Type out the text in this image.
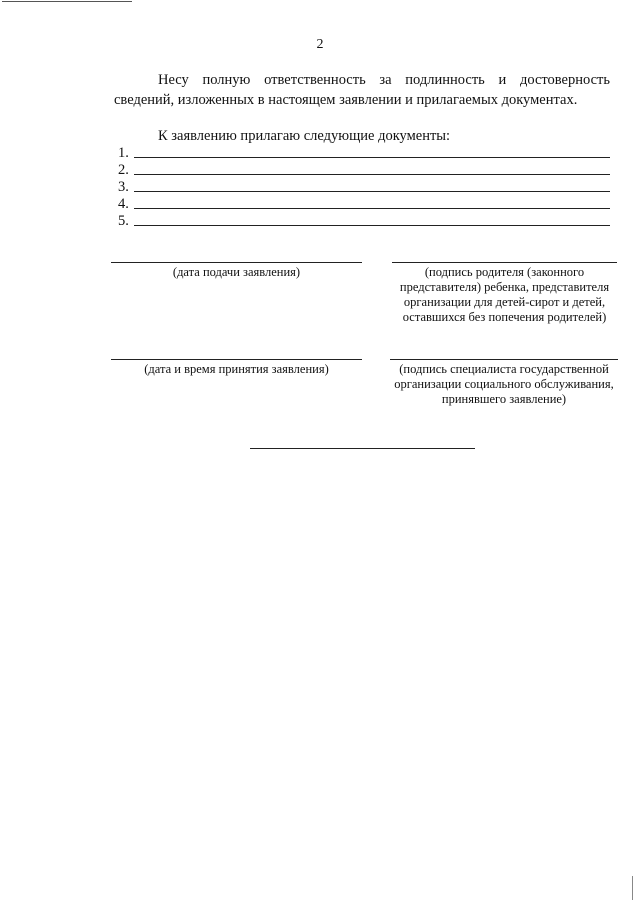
2

Несу полную ответственность за подлинность и достоверность сведений, изложенных в настоящем заявлении и прилагаемых документах.

К заявлению прилагаю следующие документы:
1.
2.
3.
4.
5.
(дата подачи заявления)	(подпись родителя (законного представителя) ребенка, представителя организации для детей-сирот и детей, оставшихся без попечения родителей)
(дата и время принятия заявления)	(подпись специалиста государственной организации социального обслуживания, принявшего заявление)
